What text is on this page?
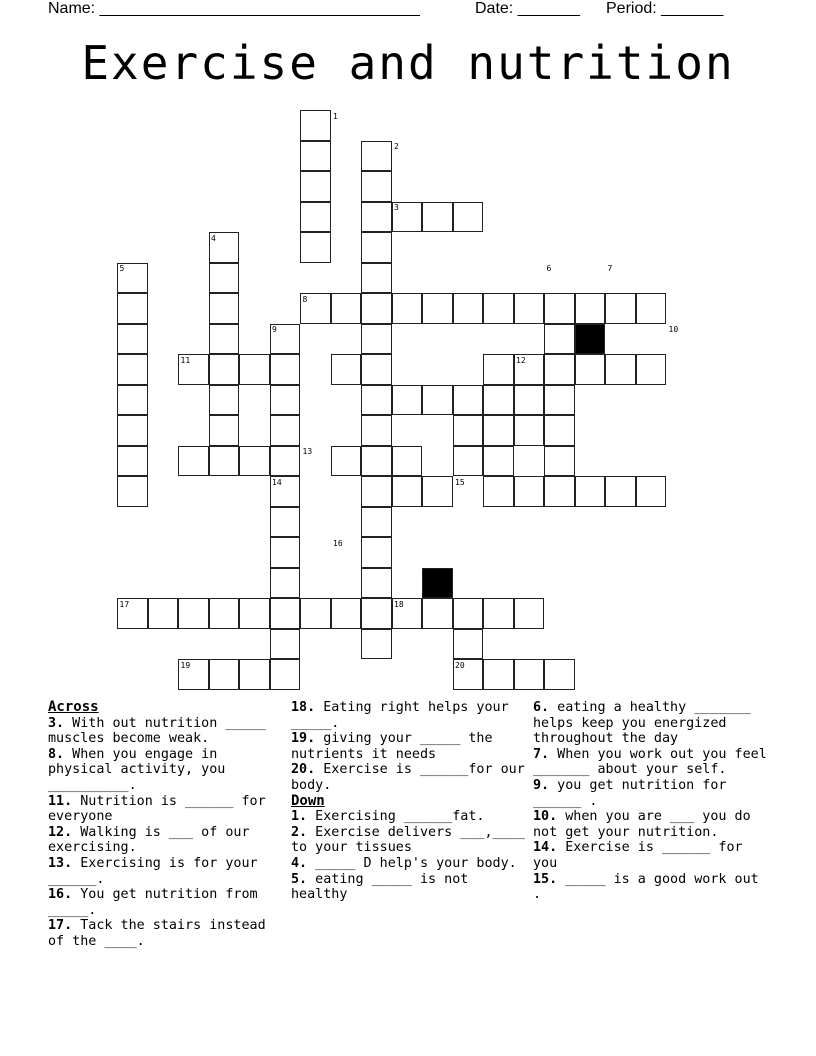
Name: ____________________________________	Date: _______ Period: _______
Exercise and nutrition
1
2
3
4
5	6	7
8
9	10
11	12
13
14	15
16
17	18
19	20

Across

3. With out nutrition _____ muscles become weak.

8. When you engage in physical activity, you __________.

11. Nutrition is ______ for everyone

12. Walking is ___ of our exercising.

13. Exercising is for your ______.

16. You get nutrition from _____.

17. Tack the stairs instead of the ____.

18. Eating right helps your _____.

19. giving your _____ the nutrients it needs

20. Exercise is ______for our body.

Down

1. Exercising ______fat.

2. Exercise delivers ___,____ to your tissues

4. _____ D help's your body.

5. eating _____ is not healthy

6. eating a healthy _______ helps keep you energized throughout the day

7. When you work out you feel _______ about your self.

9. you get nutrition for ______ .

10. when you are ___ you do not get your nutrition.

14. Exercise is ______ for you

15. _____ is a good work out .
